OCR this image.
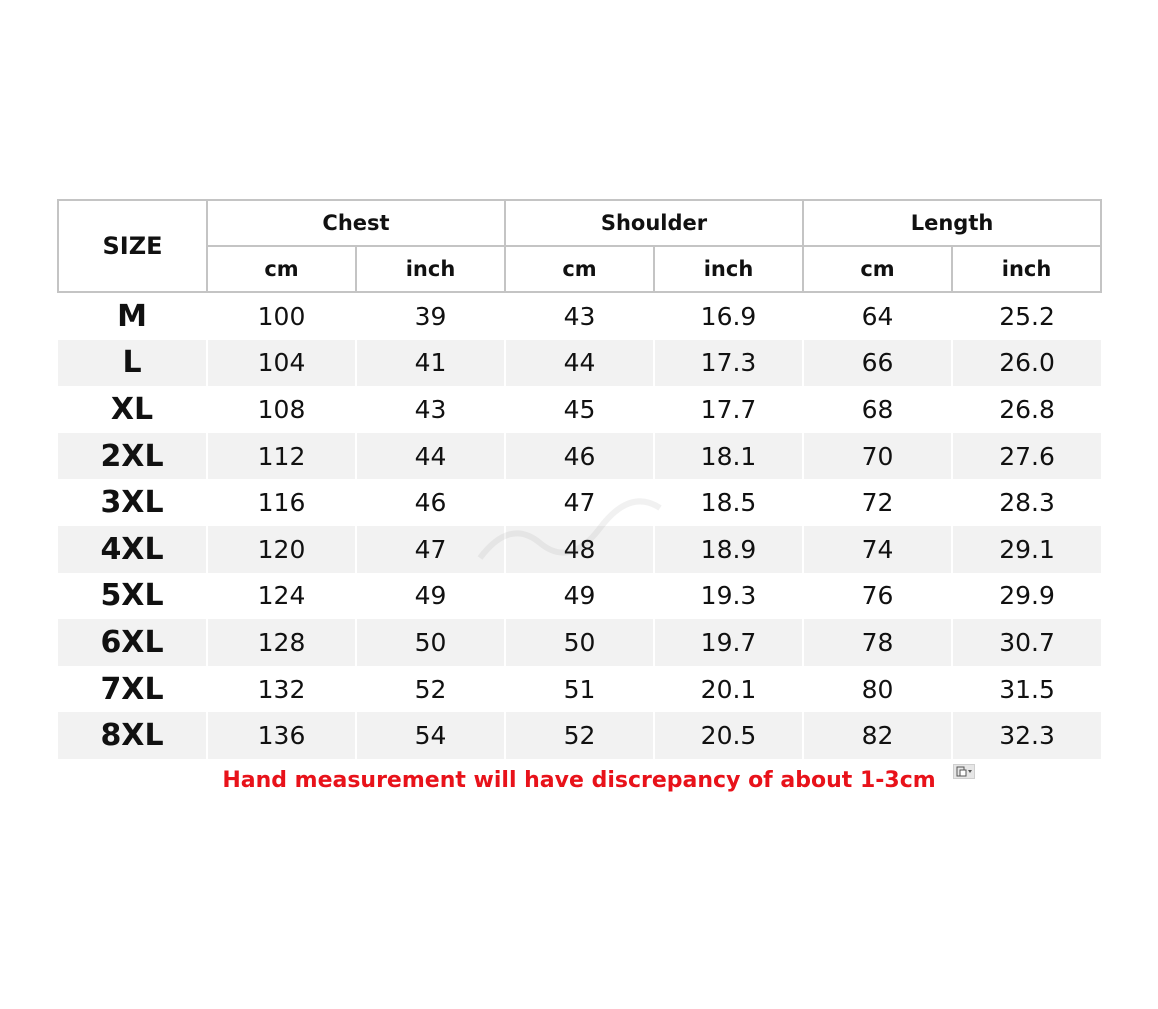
SIZE	Chest		Shoulder		Length	
	cm	inch	cm	inch	cm	inch
M	100	39	43	16.9	64	25.2
L	104	41	44	17.3	66	26.0
XL	108	43	45	17.7	68	26.8
2XL	112	44	46	18.1	70	27.6
3XL	116	46	47	18.5	72	28.3
4XL	120	47	48	18.9	74	29.1
5XL	124	49	49	19.3	76	29.9
6XL	128	50	50	19.7	78	30.7
7XL	132	52	51	20.1	80	31.5
8XL	136	54	52	20.5	82	32.3
Hand measurement will have discrepancy of about 1-3cm
